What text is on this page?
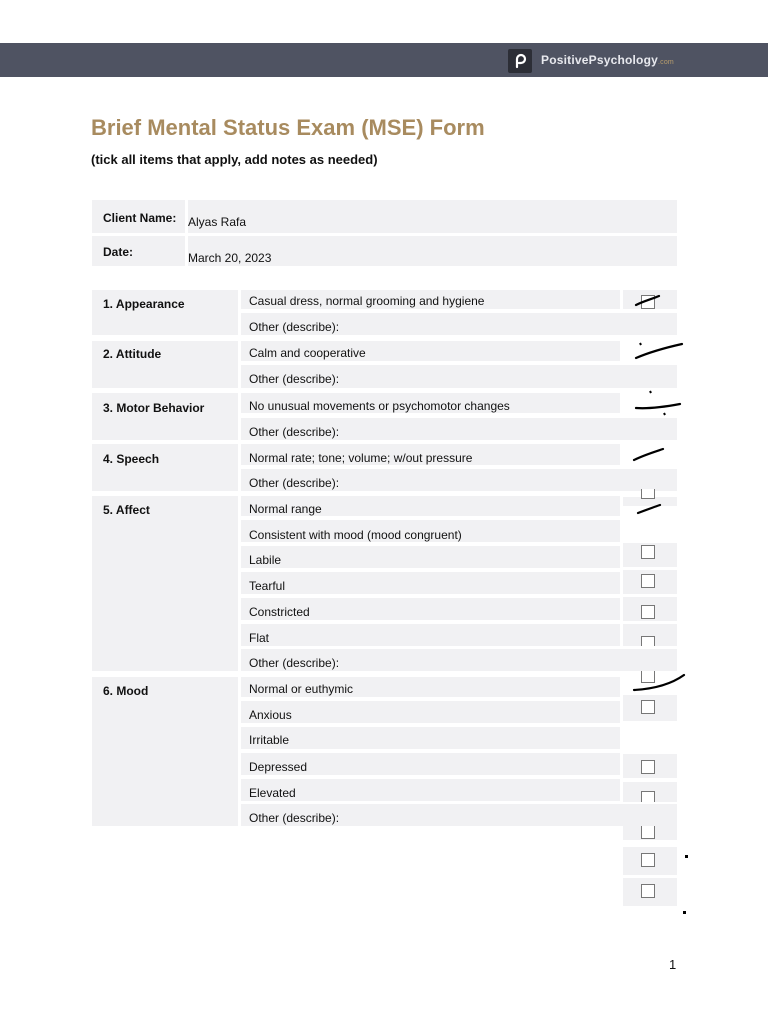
PositivePsychology.com
Brief Mental Status Exam (MSE) Form
(tick all items that apply, add notes as needed)
Client Name: Alyas Rafa
Date:	March 20, 2023
1. Appearance
2. Attitude
3. Motor Behavior
4. Speech
5. Affect
6. Mood
Casual dress, normal grooming and hygiene
Other (describe):
Calm and cooperative
Other (describe):
No unusual movements or psychomotor changes
Other (describe):
Normal rate; tone; volume; w/out pressure
Other (describe):
Normal range
Consistent with mood (mood congruent)
Labile
Tearful
Constricted
Flat
Other (describe):
Normal or euthymic
Anxious
Irritable
Depressed
Elevated
Other (describe):
1
